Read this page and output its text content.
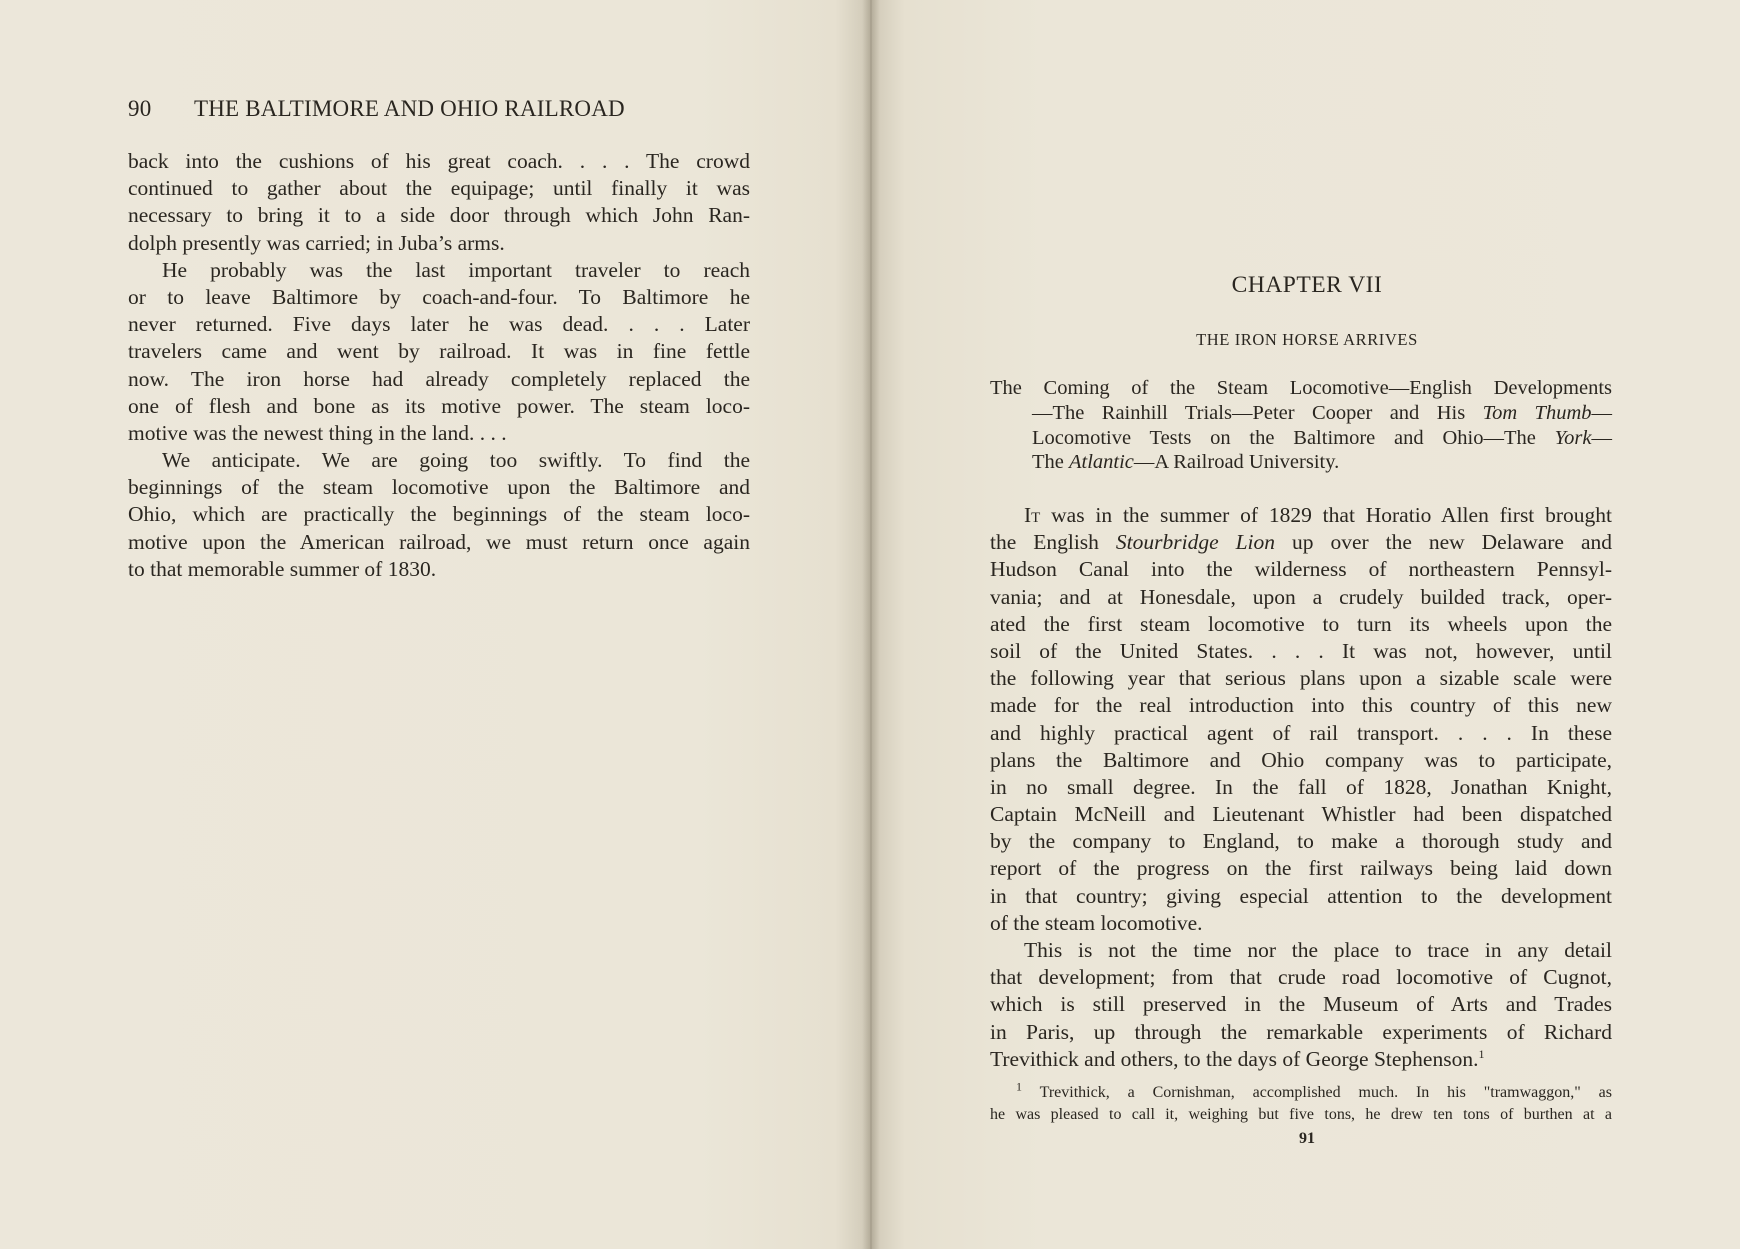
90 THE BALTIMORE AND OHIO RAILROAD
back into the cushions of his great coach. . . . The crowd
continued to gather about the equipage; until finally it was
necessary to bring it to a side door through which John Ran-
dolph presently was carried; in Juba’s arms.
He probably was the last important traveler to reach
or to leave Baltimore by coach-and-four. To Baltimore he
never returned. Five days later he was dead. . . . Later
travelers came and went by railroad. It was in fine fettle
now. The iron horse had already completely replaced the
one of flesh and bone as its motive power. The steam loco-
motive was the newest thing in the land. . . .
We anticipate. We are going too swiftly. To find the
beginnings of the steam locomotive upon the Baltimore and
Ohio, which are practically the beginnings of the steam loco-
motive upon the American railroad, we must return once again
to that memorable summer of 1830.
CHAPTER VII
THE IRON HORSE ARRIVES
The Coming of the Steam Locomotive—English Developments
—The Rainhill Trials—Peter Cooper and His Tom Thumb—
Locomotive Tests on the Baltimore and Ohio—The York—
The Atlantic—A Railroad University.
It was in the summer of 1829 that Horatio Allen first brought
the English Stourbridge Lion up over the new Delaware and
Hudson Canal into the wilderness of northeastern Pennsyl-
vania; and at Honesdale, upon a crudely builded track, oper-
ated the first steam locomotive to turn its wheels upon the
soil of the United States. . . . It was not, however, until
the following year that serious plans upon a sizable scale were
made for the real introduction into this country of this new
and highly practical agent of rail transport. . . . In these
plans the Baltimore and Ohio company was to participate,
in no small degree. In the fall of 1828, Jonathan Knight,
Captain McNeill and Lieutenant Whistler had been dispatched
by the company to England, to make a thorough study and
report of the progress on the first railways being laid down
in that country; giving especial attention to the development
of the steam locomotive.
This is not the time nor the place to trace in any detail
that development; from that crude road locomotive of Cugnot,
which is still preserved in the Museum of Arts and Trades
in Paris, up through the remarkable experiments of Richard
Trevithick and others, to the days of George Stephenson.$^1$
$^1$ Trevithick, a Cornishman, accomplished much. In his "tramwaggon," as
he was pleased to call it, weighing but five tons, he drew ten tons of burthen at a
91
